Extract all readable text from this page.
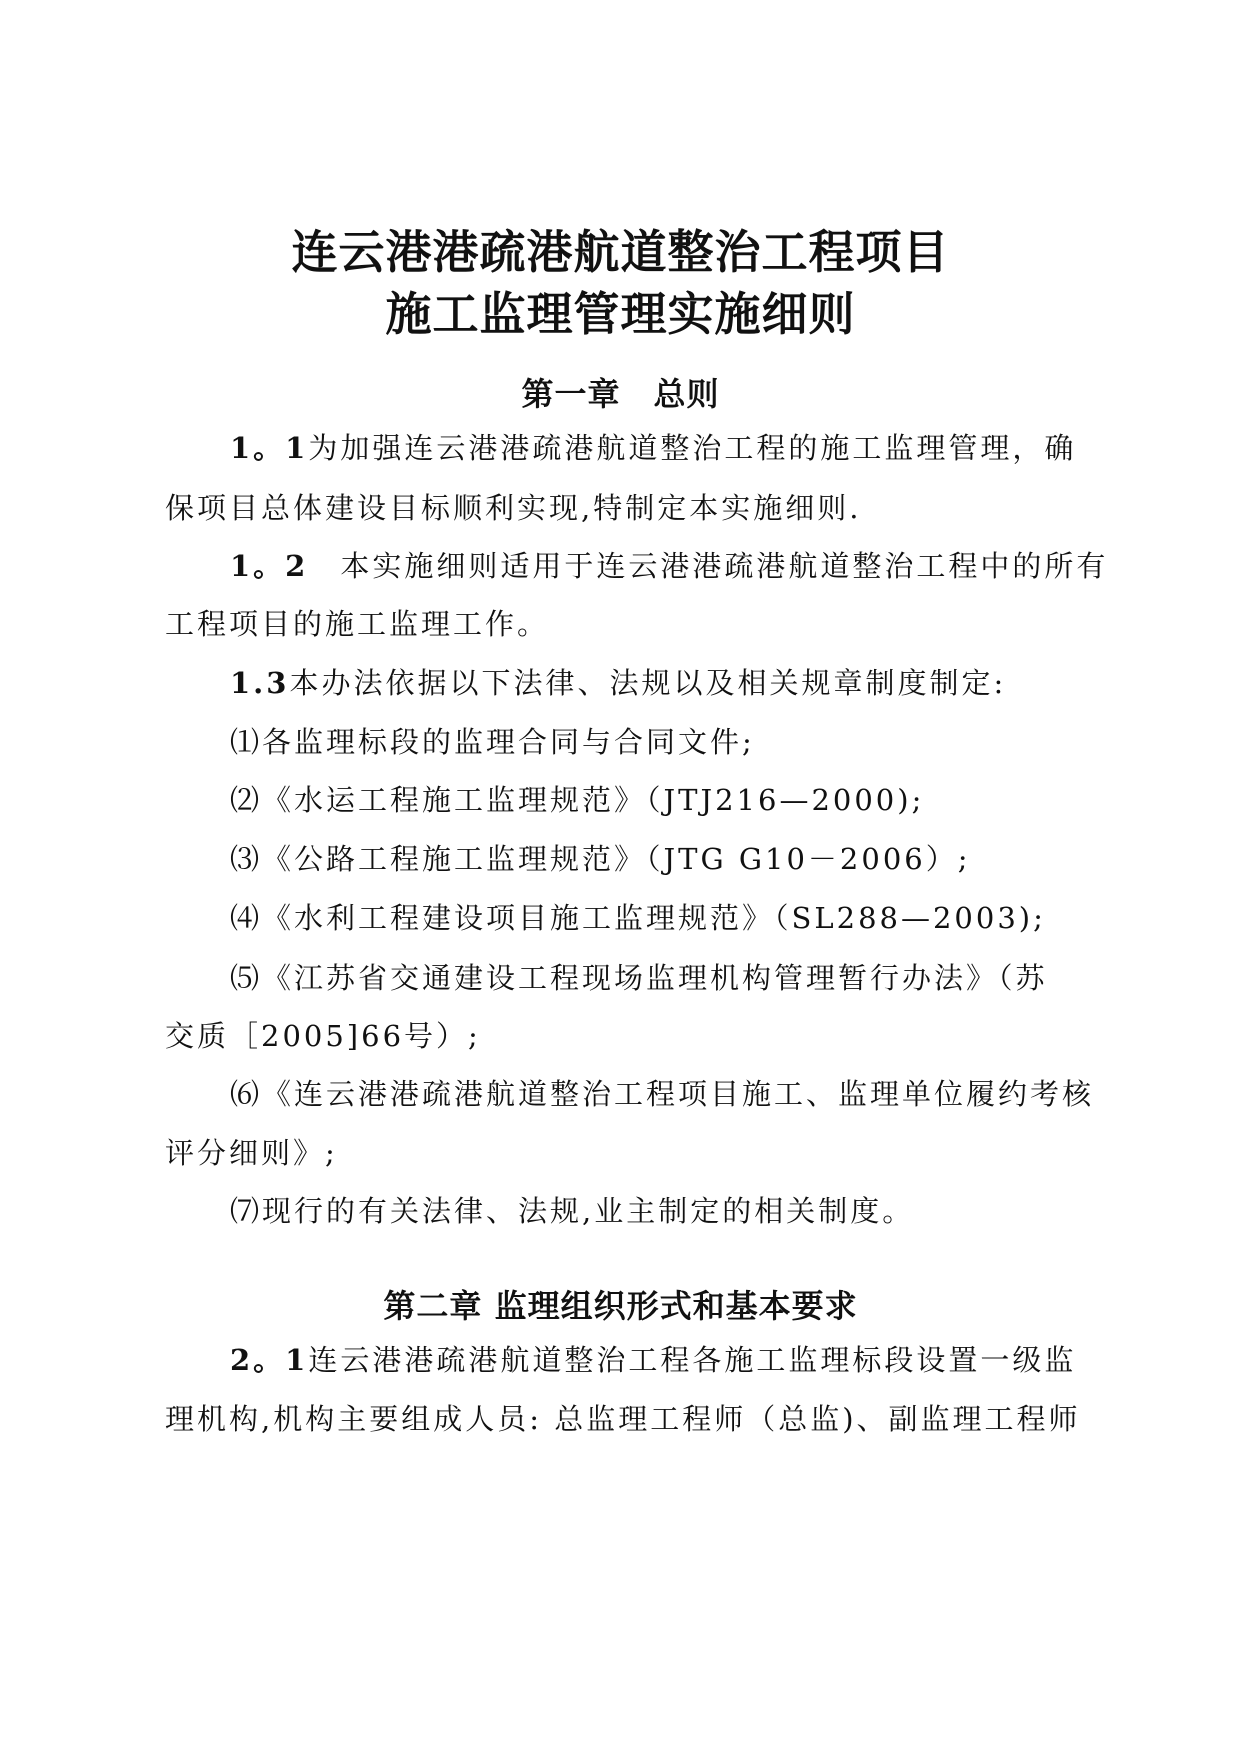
连云港港疏港航道整治工程项目
施工监理管理实施细则
第一章　总则
1。1为加强连云港港疏港航道整治工程的施工监理管理，确
保项目总体建设目标顺利实现,特制定本实施细则.
1。2　本实施细则适用于连云港港疏港航道整治工程中的所有
工程项目的施工监理工作。
1.3本办法依据以下法律、法规以及相关规章制度制定:
⑴各监理标段的监理合同与合同文件;
⑵《水运工程施工监理规范》（JTJ216—2000);
⑶《公路工程施工监理规范》（JTG G10－2006）;
⑷《水利工程建设项目施工监理规范》（SL288—2003);
⑸《江苏省交通建设工程现场监理机构管理暂行办法》（苏
交质［2005]66号）;
⑹《连云港港疏港航道整治工程项目施工、监理单位履约考核
评分细则》;
⑺现行的有关法律、法规,业主制定的相关制度。
第二章 监理组织形式和基本要求
2。1连云港港疏港航道整治工程各施工监理标段设置一级监
理机构,机构主要组成人员: 总监理工程师（总监)、副监理工程师
